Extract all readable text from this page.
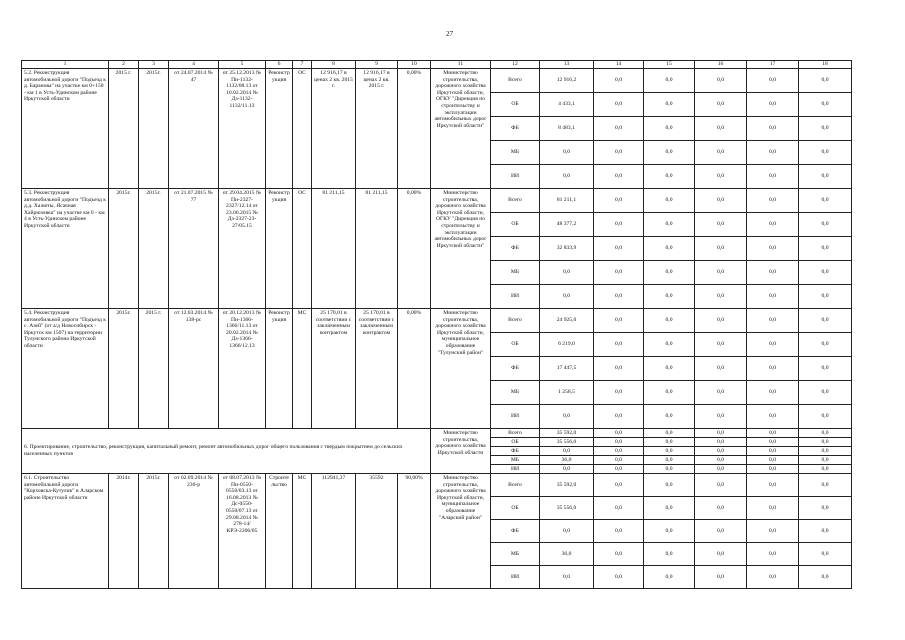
27
1	2	3	4	5	6	7	8	9	10	11	12	13	14	15	16	17	18
5.2. Реконструкция автомобильной дороги "Подъезд к д. Баранова" на участке км 0+150 - км 1 в Усть-Удинском районе Иркутской области	2015 г.	2015г.	от 24.07.2014 № 47	от 25.12.2013 № Пи-1132-1132/08.13 от 10.02.2014 № Дз-1132-1132/11.13	Реконструкция	ОС	12 916,17 в ценах 2 кв. 2015 г.	12 916,17 в ценах 2 кв. 2015 г.	0,00%	Министерство строительства, дорожного хозяйства Иркутской области, ОГКУ "Дирекция по строительству и эксплуатации автомобильных дорог Иркутской области"	Всего	12 916,2	0,0	0,0	0,0	0,0	0,0
											ОБ	4 433,1	0,0	0,0	0,0	0,0	0,0
											ФБ	8 483,1	0,0	0,0	0,0	0,0	0,0
											МБ	0,0	0,0	0,0	0,0	0,0	0,0
											ИИ	0,0	0,0	0,0	0,0	0,0	0,0
5.3. Реконструкция автомобильной дороги "Подъезд к д.д. Халюты, Ясачная Хайрюзовка" на участке км 0 - км 4 в Усть-Удинском районе Иркутской области	2015г.	2015г.	от 21.07.2015 № 77	от 29.04.2015 № Пи-2327-2327/12.14 от 23.06.2015 № Дз-2327-23-27/05.15	Реконструкция	ОС	81 211,15	81 211,15	0,00%	Министерство строительства, дорожного хозяйства Иркутской области, ОГКУ "Дирекция по строительству и эксплуатации автомобильных дорог Иркутской области"	Всего	81 211,1	0,0	0,0	0,0	0,0	0,0
											ОБ	48 377,2	0,0	0,0	0,0	0,0	0,0
											ФБ	32 833,9	0,0	0,0	0,0	0,0	0,0
											МБ	0,0	0,0	0,0	0,0	0,0	0,0
											ИИ	0,0	0,0	0,0	0,0	0,0	0,0
5.4. Реконструкция автомобильной дороги "Подъезд к с. Азей" (от а/д Новосибирск - Иркутск км 1507) на территории Тулунского района Иркутской области	2015г.	2015 г.	от 12.03.2014 № 138-рс	от 20.12.2013 № Пи-1366-1366/11.13 от 20.02.2014 № Дз-1366-1366/12.13	Реконструкция	МС	25 170,01 в соответствии с заключенным контрактом	25 170,01 в соответствии с заключенным контрактом	0,00%	Министерство строительства, дорожного хозяйства Иркутской области, муниципальное образование "Тулунский район"	Всего	24 925,0	0,0	0,0	0,0	0,0	0,0
											ОБ	6 219,0	0,0	0,0	0,0	0,0	0,0
											ФБ	17 447,5	0,0	0,0	0,0	0,0	0,0
											МБ	1 258,5	0,0	0,0	0,0	0,0	0,0
											ИИ	0,0	0,0	0,0	0,0	0,0	0,0
6. Проектирование, строительство, реконструкция, капитальный ремонт, ремонт автомобильных дорог общего пользования с твердым покрытием до сельских населенных пунктов										Министерство строительства, дорожного хозяйства Иркутской области	Всего	35 592,0	0,0	0,0	0,0	0,0	0,0
											ОБ	35 556,0	0,0	0,0	0,0	0,0	0,0
											ФБ	0,0	0,0	0,0	0,0	0,0	0,0
											МБ	36,0	0,0	0,0	0,0	0,0	0,0
											ИИ	0,0	0,0	0,0	0,0	0,0	0,0
6.1. Строительство автомобильной дороги "Корховска-Кутулик" в Аларском районе Иркутской области	2014г.	2015г.	от 02.09.2014 № 230-р	от 08.07.2013 № Пи-0550-0550/03.13 от 16.08.2013 № Дс-0550-0550/07.13 от 29.08.2014 № 278-14/КРЭ-2206/05	Строительство	МС	112941,37	35592	90,00%	Министерство строительства, дорожного хозяйства Иркутской области, муниципальное образование "Аларский район"	Всего	35 592,0	0,0	0,0	0,0	0,0	0,0
											ОБ	35 556,0	0,0	0,0	0,0	0,0	0,0
											ФБ	0,0	0,0	0,0	0,0	0,0	0,0
											МБ	36,0	0,0	0,0	0,0	0,0	0,0
											ИИ	0,0	0,0	0,0	0,0	0,0	0,0
